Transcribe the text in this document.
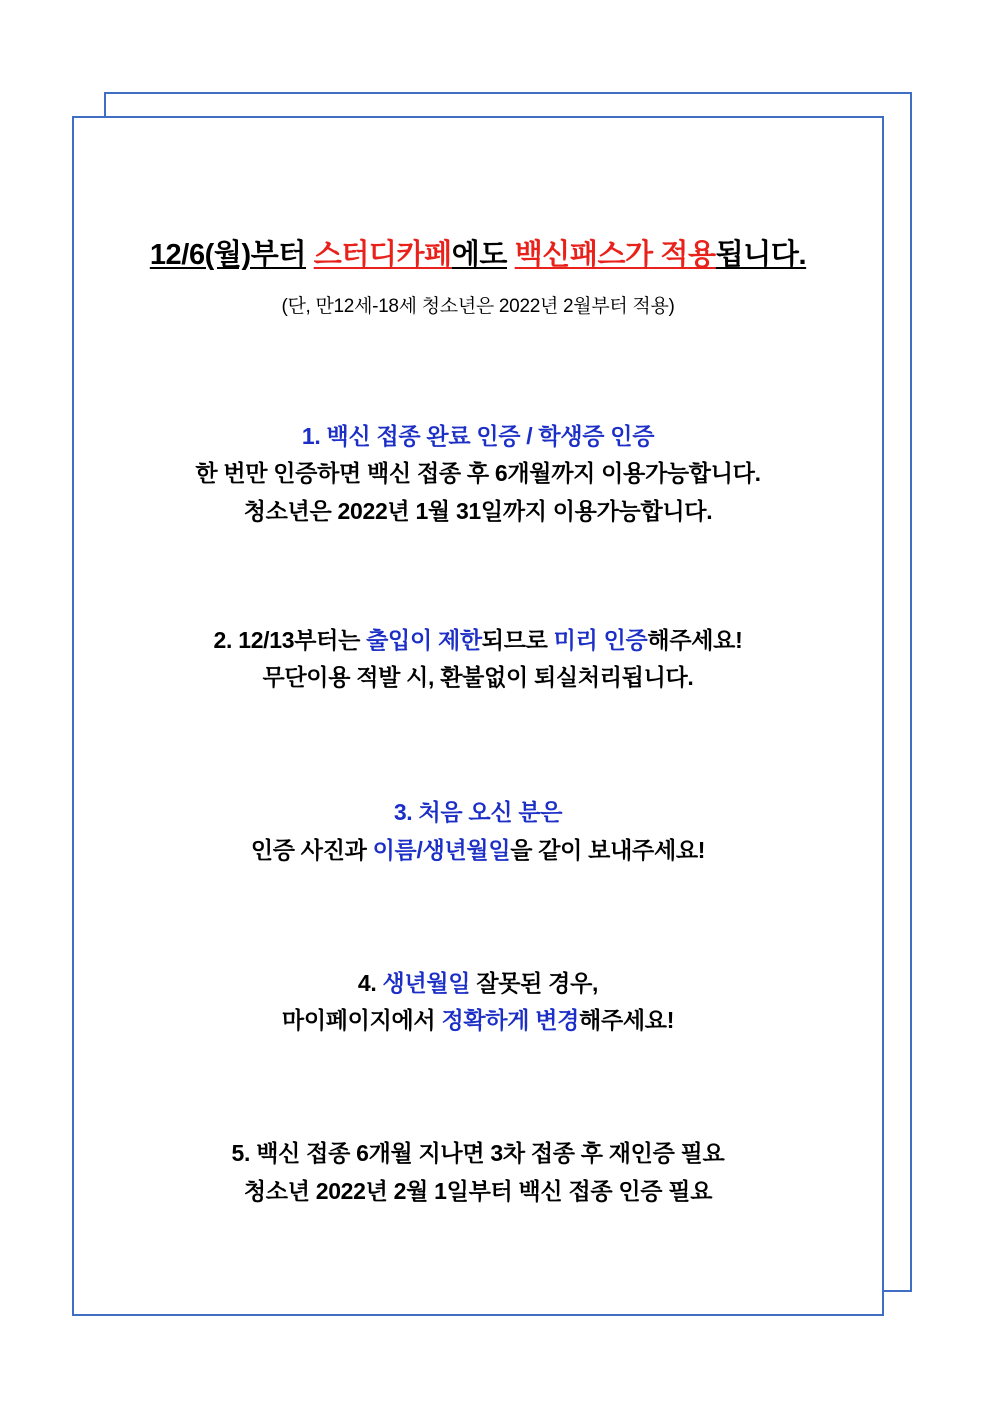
12/6(월)부터 스터디카페에도 백신패스가 적용됩니다.
(단, 만12세-18세 청소년은 2022년 2월부터 적용)
1. 백신 접종 완료 인증 / 학생증 인증
한 번만 인증하면 백신 접종 후 6개월까지 이용가능합니다.
청소년은 2022년 1월 31일까지 이용가능합니다.
2. 12/13부터는 출입이 제한되므로 미리 인증해주세요!
무단이용 적발 시, 환불없이 퇴실처리됩니다.
3. 처음 오신 분은
인증 사진과 이름/생년월일을 같이 보내주세요!
4. 생년월일 잘못된 경우,
마이페이지에서 정확하게 변경해주세요!
5. 백신 접종 6개월 지나면 3차 접종 후 재인증 필요
청소년 2022년 2월 1일부터 백신 접종 인증 필요
